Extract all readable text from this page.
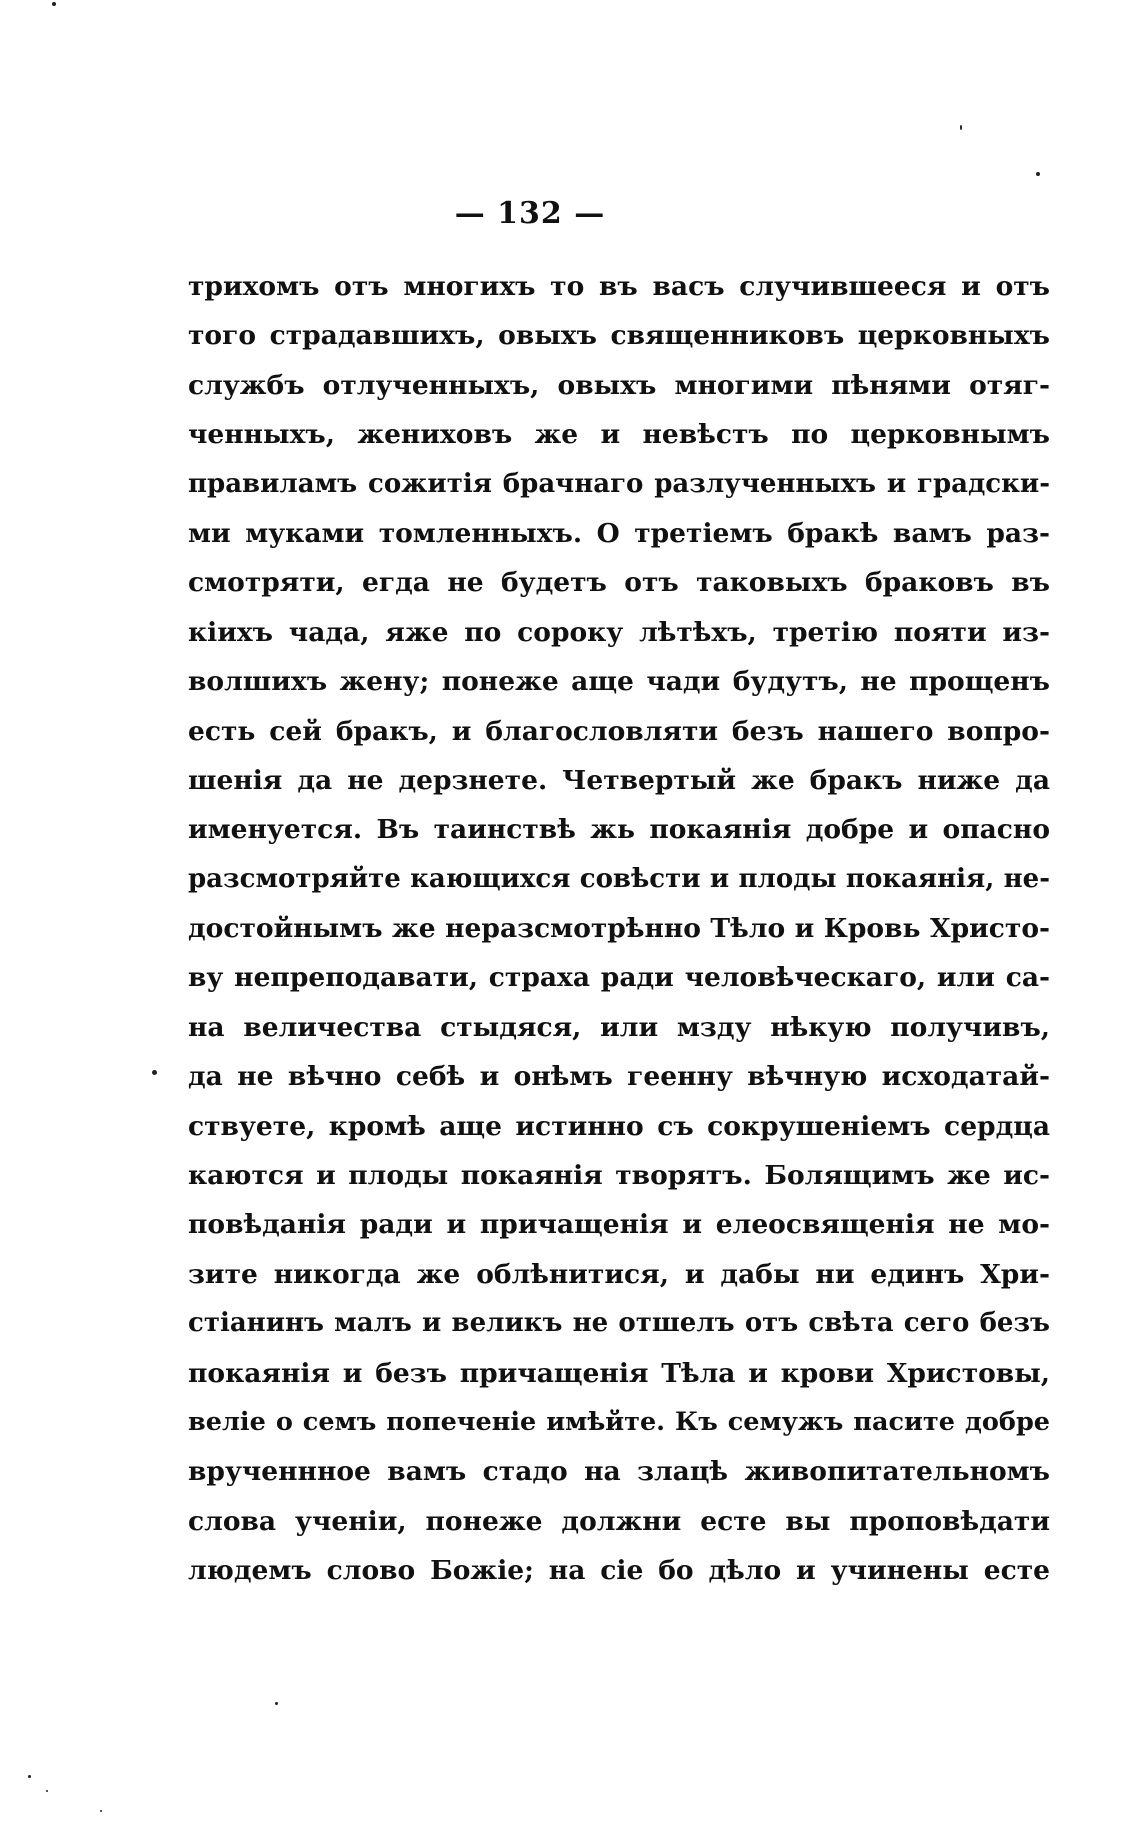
— 132 —
трихомъ отъ многихъ то въ васъ случившееся и отъ
того страдавшихъ, овыхъ священниковъ церковныхъ
службъ отлученныхъ, овыхъ многими пѣнями отяг-
ченныхъ, жениховъ же и невѣстъ по церковнымъ
правиламъ сожитія брачнаго разлученныхъ и градски-
ми муками томленныхъ. О третіемъ бракѣ вамъ раз-
смотряти, егда не будетъ отъ таковыхъ браковъ въ
кіихъ чада, яже по сороку лѣтѣхъ, третію пояти из-
волшихъ жену; понеже аще чади будутъ, не прощенъ
есть сей бракъ, и благословляти безъ нашего вопро-
шенія да не дерзнете. Четвертый же бракъ ниже да
именуется. Въ таинствѣ жь покаянія добре и опасно
разсмотряйте кающихся совѣсти и плоды покаянія, не-
достойнымъ же неразсмотрѣнно Тѣло и Кровь Христо-
ву непреподавати, страха ради человѣческаго, или са-
на величества стыдяся, или мзду нѣкую получивъ,
да не вѣчно себѣ и онѣмъ геенну вѣчную исходатай-
ствуете, кромѣ аще истинно съ сокрушеніемъ сердца
каются и плоды покаянія творятъ. Болящимъ же ис-
повѣданія ради и причащенія и елеосвященія не мо-
зите никогда же облѣнитися, и дабы ни единъ Хри-
стіанинъ малъ и великъ не отшелъ отъ свѣта сего безъ
покаянія и безъ причащенія Тѣла и крови Христовы,
веліе о семъ попеченіе имѣйте. Къ семужъ пасите добре
врученнное вамъ стадо на злацѣ живопитательномъ
слова ученіи, понеже должни есте вы проповѣдати
людемъ слово Божіе; на сіе бо дѣло и учинены есте
